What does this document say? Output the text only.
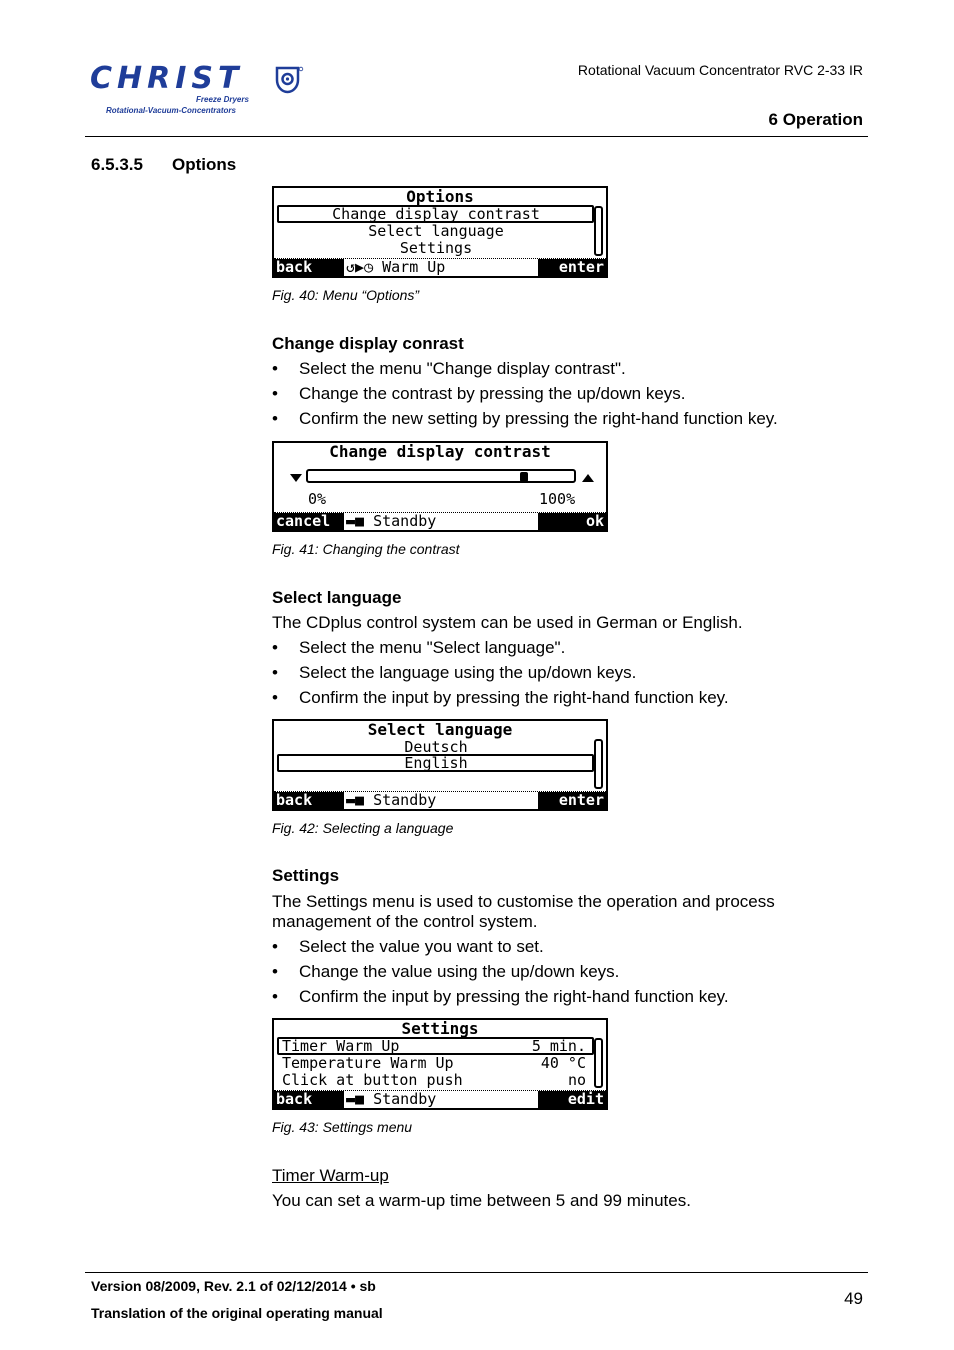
CHRIST
Freeze Dryers
Rotational-Vacuum-Concentrators
Rotational Vacuum Concentrator RVC 2-33 IR
6 Operation
6.5.3.5 Options
Options
Change display contrast
Select language
Settings
back	↺▶◷ Warm Up	enter
Fig. 40: Menu “Options”
Change display conrast
• Select the menu "Change display contrast".
• Change the contrast by pressing the up/down keys.
• Confirm the new setting by pressing the right-hand function key.
Change display contrast
0%	100%
cancel	▬■ Standby	ok
Fig. 41: Changing the contrast
Select language
The CDplus control system can be used in German or English.
• Select the menu "Select language".
• Select the language using the up/down keys.
• Confirm the input by pressing the right-hand function key.
Select language
Deutsch
English
back	▬■ Standby	enter
Fig. 42: Selecting a language
Settings
The Settings menu is used to customise the operation and process
management of the control system.
• Select the value you want to set.
• Change the value using the up/down keys.
• Confirm the input by pressing the right-hand function key.
Settings
Timer Warm Up	5 min.
Temperature Warm Up	40 °C
Click at button push	no
back	▬■ Standby	edit
Fig. 43: Settings menu
Timer Warm-up
You can set a warm-up time between 5 and 99 minutes.
Version 08/2009, Rev. 2.1 of 02/12/2014 • sb
Translation of the original operating manual
49
